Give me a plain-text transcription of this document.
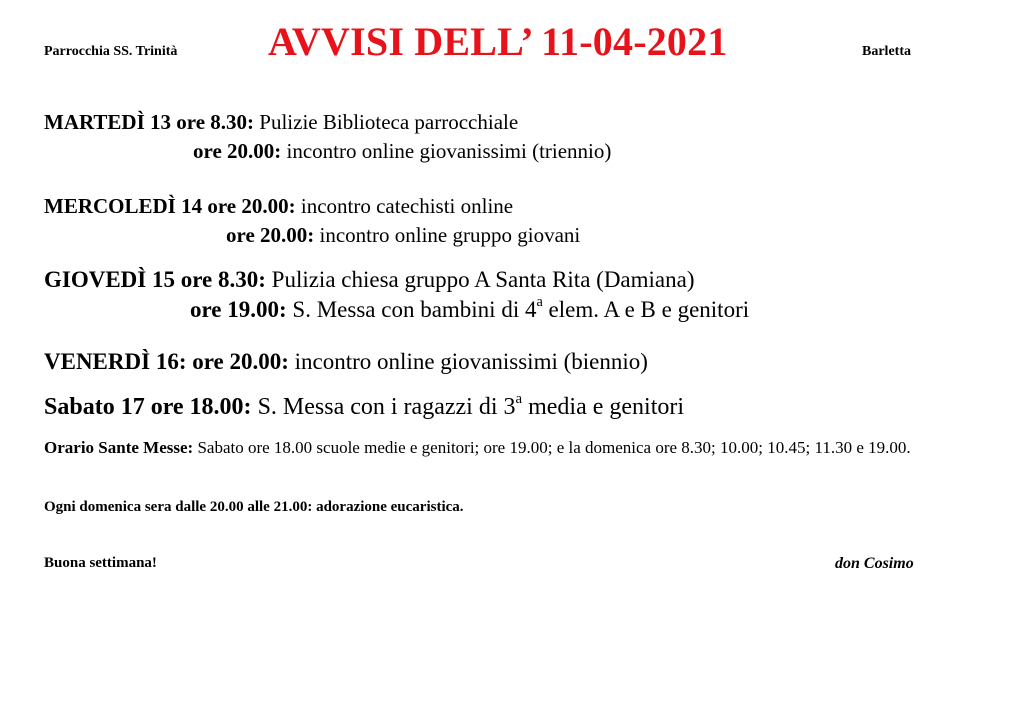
Parrocchia SS. Trinità AVVISI DELL’ 11-04-2021	Barletta
MARTEDÌ 13 ore 8.30: Pulizie Biblioteca parrocchiale
ore 20.00: incontro online giovanissimi (triennio)
MERCOLEDÌ 14 ore 20.00: incontro catechisti online
ore 20.00: incontro online gruppo giovani
GIOVEDÌ 15 ore 8.30: Pulizia chiesa gruppo A Santa Rita (Damiana)
ore 19.00: S. Messa con bambini di 4$^a$ elem. A e B e genitori
VENERDÌ 16: ore 20.00: incontro online giovanissimi (biennio)
Sabato 17 ore 18.00: S. Messa con i ragazzi di 3$^a$ media e genitori
Orario Sante Messe: Sabato ore 18.00 scuole medie e genitori; ore 19.00; e la domenica ore 8.30; 10.00; 10.45; 11.30 e 19.00.
Ogni domenica sera dalle 20.00 alle 21.00: adorazione eucaristica.
Buona settimana!	don Cosimo
